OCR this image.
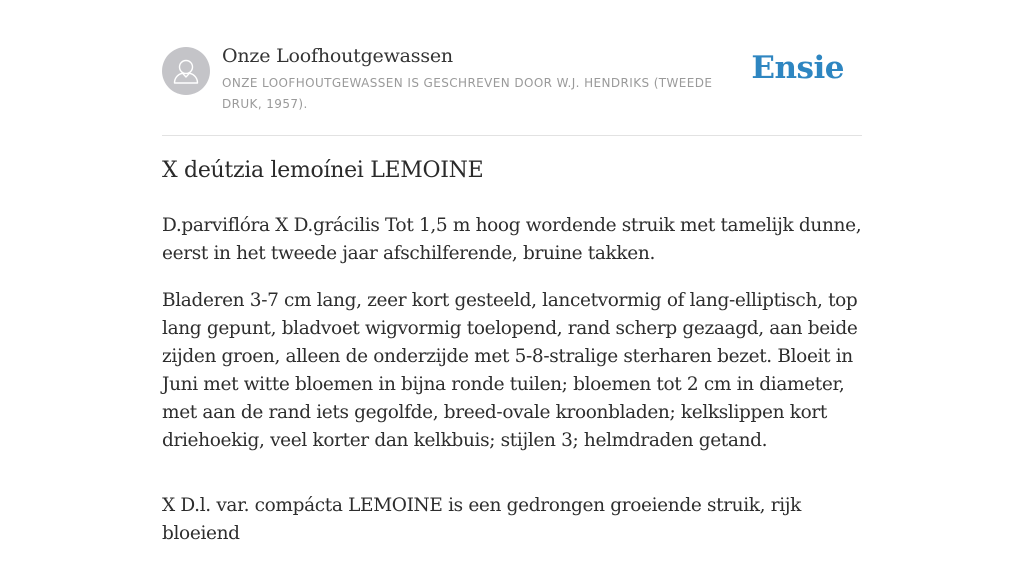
Onze Loofhoutgewassen
ONZE LOOFHOUTGEWASSEN IS GESCHREVEN DOOR W.J. HENDRIKS (TWEEDE DRUK, 1957).
Ensie
X deútzia lemoínei LEMOINE

D.parviflóra X D.grácilis Tot 1,5 m hoog wordende struik met tamelijk dunne, eerst in het tweede jaar afschilferende, bruine takken.

Bladeren 3-7 cm lang, zeer kort gesteeld, lancetvormig of lang-elliptisch, top lang gepunt, bladvoet wigvormig toelopend, rand scherp gezaagd, aan beide zijden groen, alleen de onderzijde met 5-8-stralige sterharen bezet. Bloeit in Juni met witte bloemen in bijna ronde tuilen; bloemen tot 2 cm in diameter, met aan de rand iets gegolfde, breed-ovale kroonbladen; kelkslippen kort driehoekig, veel korter dan kelkbuis; stijlen 3; helmdraden getand.

X D.l. var. compácta LEMOINE is een gedrongen groeiende struik, rijk bloeiend
